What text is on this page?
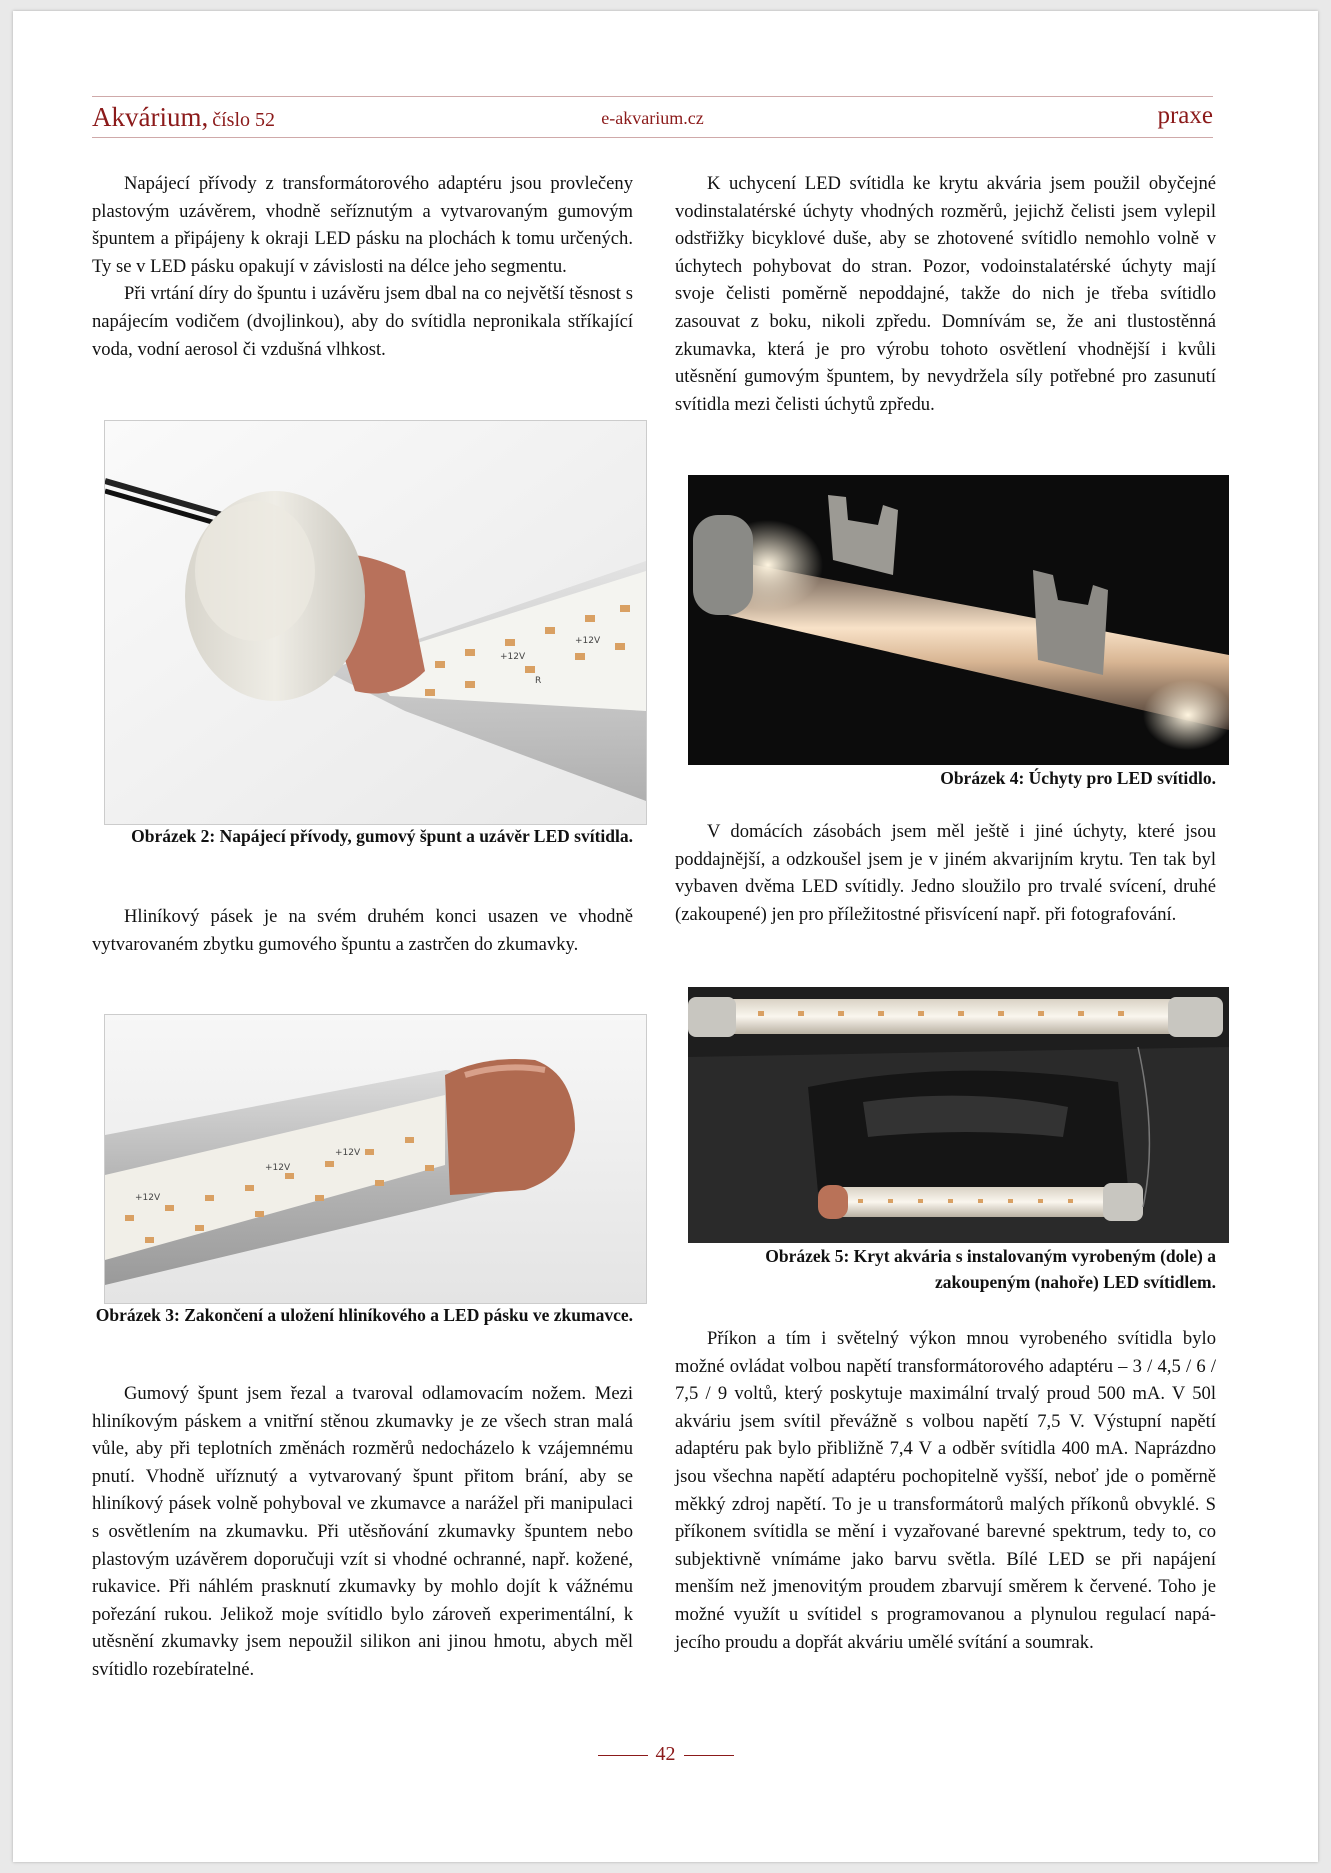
Akvárium, číslo 52	e-akvarium.cz	praxe

Napájecí přívody z transformátorového adaptéru jsou provlečeny plastovým uzávěrem, vhodně seříznutým a vytvarovaným gumovým špuntem a připájeny k okraji LED pásku na plochách k tomu určených. Ty se v LED pásku opakují v závislosti na délce jeho segmentu.

Při vrtání díry do špuntu i uzávěru jsem dbal na co největší těsnost s napájecím vodičem (dvojlinkou), aby do svítidla nepronikala stříkající voda, vodní aerosol či vzdušná vlhkost.

+12V
+12V
R
Obrázek 2: Napájecí přívody, gumový špunt a uzávěr LED svítidla.

Hliníkový pásek je na svém druhém konci usazen ve vhodně vytvarovaném zbytku gumového špuntu a zastrčen do zkumavky.

+12V
+12V
+12V
Obrázek 3: Zakončení a uložení hliníkového a LED pásku ve zkumavce.

Gumový špunt jsem řezal a tvaroval odlamovacím nožem. Mezi hliníkovým páskem a vnitřní stěnou zkumavky je ze všech stran malá vůle, aby při teplotních změnách rozměrů nedocházelo k vzájemnému pnutí. Vhodně uříznutý a vytvarovaný špunt přitom brání, aby se hliníkový pásek volně pohyboval ve zkumavce a narážel při manipulaci s osvětlením na zkumavku. Při utěsňování zkumavky špuntem nebo plastovým uzávěrem doporučuji vzít si vhodné ochranné, např. kožené, rukavice. Při náhlém prasknutí zkumavky by mohlo dojít k vážnému pořezání rukou. Jelikož moje svítidlo bylo zároveň experimentální, k utěsnění zkumavky jsem nepoužil silikon ani jinou hmotu, abych měl svítidlo rozebíratelné.

K uchycení LED svítidla ke krytu akvária jsem použil obyčejné vodinstalatérské úchyty vhodných rozměrů, jejichž čelisti jsem vylepil odstřižky bicyklové duše, aby se zhotovené svítidlo nemohlo volně v úchytech pohybovat do stran. Pozor, vodoinstalatérské úchyty mají svoje čelisti poměrně nepoddajné, takže do nich je třeba svítidlo zasouvat z boku, nikoli zpředu. Domnívám se, že ani tlustostěnná zkumavka, která je pro výrobu tohoto osvětlení vhodnější i kvůli utěsnění gumovým špuntem, by nevydržela síly potřebné pro zasunutí svítidla mezi čelisti úchytů zpředu.

Obrázek 4: Úchyty pro LED svítidlo.

V domácích zásobách jsem měl ještě i jiné úchyty, které jsou poddajnější, a odzkoušel jsem je v jiném akvarijním krytu. Ten tak byl vybaven dvěma LED svítidly. Jedno sloužilo pro trvalé svícení, druhé (zakoupené) jen pro příležitostné přisvícení např. při fotografování.

Obrázek 5: Kryt akvária s instalovaným vyrobeným (dole) a zakoupeným (nahoře) LED svítidlem.

Příkon a tím i světelný výkon mnou vyrobeného svítidla bylo možné ovládat volbou napětí transformátorového adaptéru – 3 / 4,5 / 6 / 7,5 / 9 voltů, který poskytuje maximální trvalý proud 500 mA. V 50l akváriu jsem svítil převážně s volbou napětí 7,5 V. Výstupní napětí adaptéru pak bylo přibližně 7,4 V a odběr svítidla 400 mA. Naprázdno jsou všechna napětí adaptéru pochopitelně vyšší, neboť jde o poměrně měkký zdroj napětí. To je u transformátorů malých příkonů obvyklé. S příkonem svítidla se mění i vyzařované barevné spektrum, tedy to, co subjektivně vnímáme jako barvu světla. Bílé LED se při napájení menším než jmenovitým proudem zbarvují směrem k červené. Toho je možné využít u svítidel s programovanou a plynulou regulací napájecího proudu a dopřát akváriu umělé svítání a soumrak.

42
